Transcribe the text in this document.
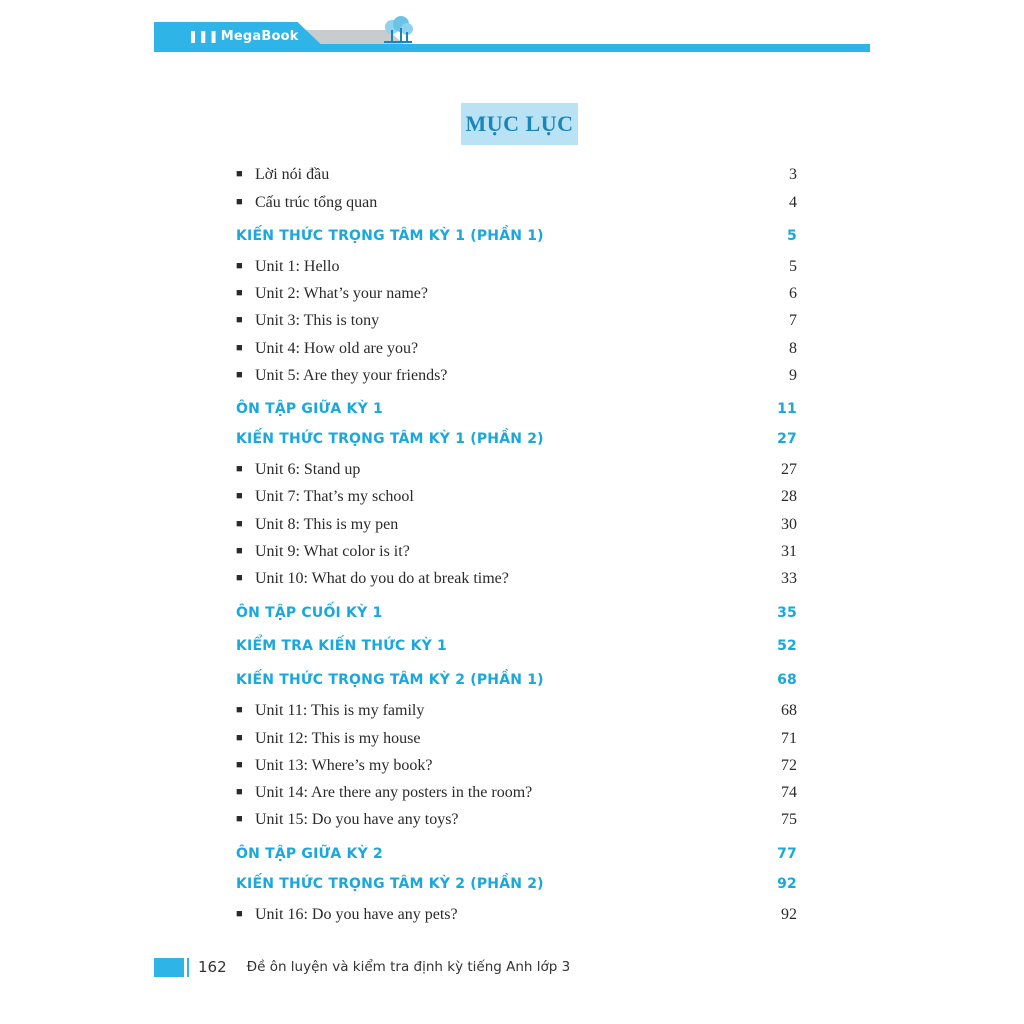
❚❚❚ MegaBook
MỤC LỤC
■ Lời nói đầu	3
■ Cấu trúc tổng quan	4
KIẾN THỨC TRỌNG TÂM KỲ 1 (PHẦN 1)	5
■ Unit 1: Hello	5
■ Unit 2: What’s your name?	6
■ Unit 3: This is tony	7
■ Unit 4: How old are you?	8
■ Unit 5: Are they your friends?	9
ÔN TẬP GIỮA KỲ 1	11
KIẾN THỨC TRỌNG TÂM KỲ 1 (PHẦN 2)	27
■ Unit 6: Stand up	27
■ Unit 7: That’s my school	28
■ Unit 8: This is my pen	30
■ Unit 9: What color is it?	31
■ Unit 10: What do you do at break time?	33
ÔN TẬP CUỐI KỲ 1	35
KIỂM TRA KIẾN THỨC KỲ 1	52
KIẾN THỨC TRỌNG TÂM KỲ 2 (PHẦN 1)	68
■ Unit 11: This is my family	68
■ Unit 12: This is my house	71
■ Unit 13: Where’s my book?	72
■ Unit 14: Are there any posters in the room?	74
■ Unit 15: Do you have any toys?	75
ÔN TẬP GIỮA KỲ 2	77
KIẾN THỨC TRỌNG TÂM KỲ 2 (PHẦN 2)	92
■ Unit 16: Do you have any pets?	92
162 Đề ôn luyện và kiểm tra định kỳ tiếng Anh lớp 3
